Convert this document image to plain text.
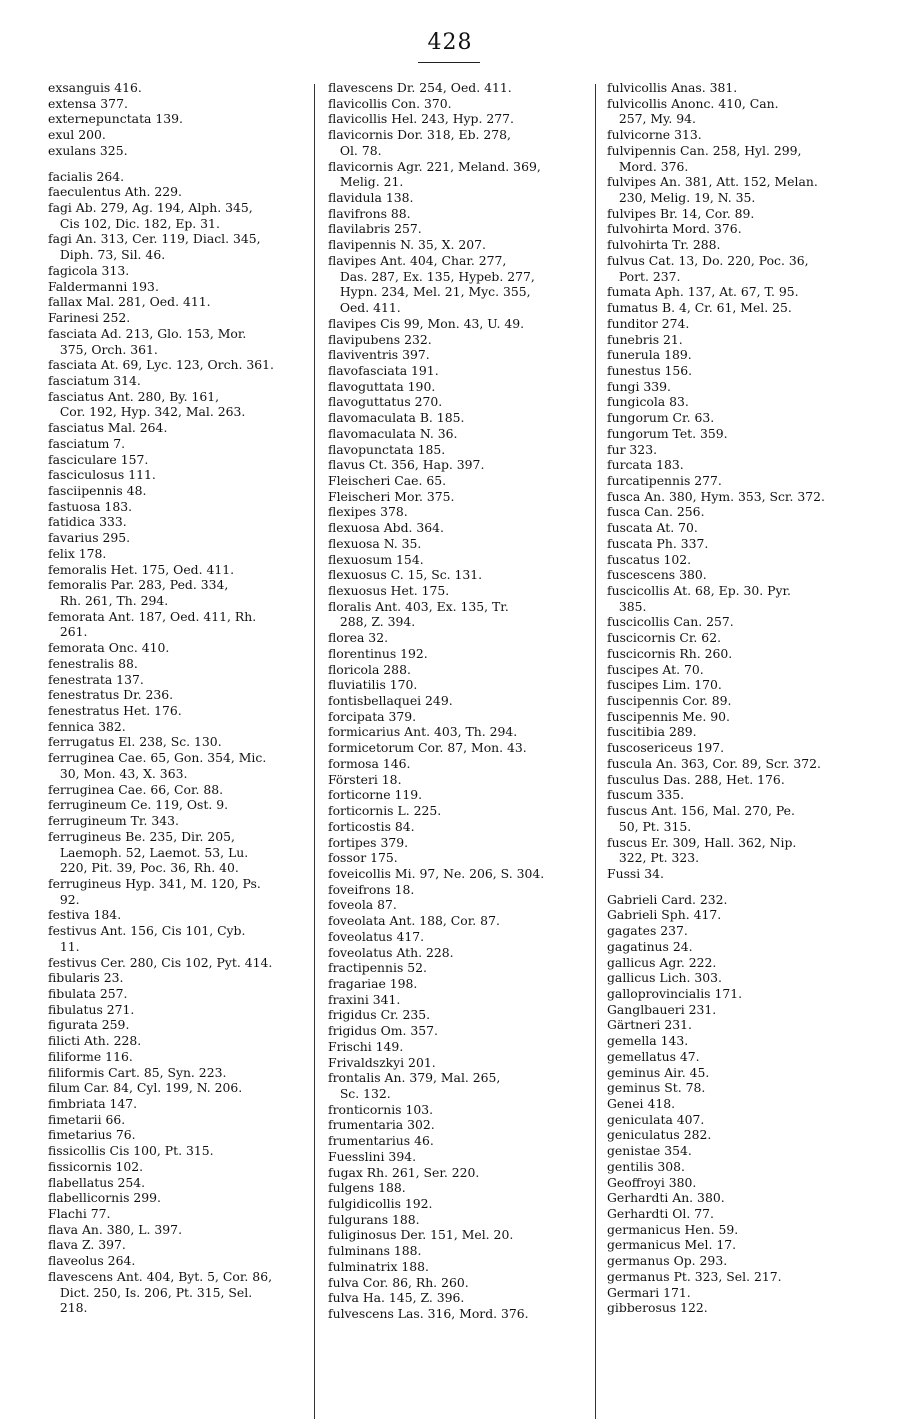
428
exsanguis 416.
extensa 377.
externepunctata 139.
exul 200.
exulans 325.
facialis 264.
faeculentus Ath. 229.
fagi Ab. 279, Ag. 194, Alph. 345,
Cis 102, Dic. 182, Ep. 31.
fagi An. 313, Cer. 119, Diacl. 345,
Diph. 73, Sil. 46.
fagicola 313.
Faldermanni 193.
fallax Mal. 281, Oed. 411.
Farinesi 252.
fasciata Ad. 213, Glo. 153, Mor.
375, Orch. 361.
fasciata At. 69, Lyc. 123, Orch. 361.
fasciatum 314.
fasciatus Ant. 280, By. 161,
Cor. 192, Hyp. 342, Mal. 263.
fasciatus Mal. 264.
fasciatum 7.
fasciculare 157.
fasciculosus 111.
fasciipennis 48.
fastuosa 183.
fatidica 333.
favarius 295.
felix 178.
femoralis Het. 175, Oed. 411.
femoralis Par. 283, Ped. 334,
Rh. 261, Th. 294.
femorata Ant. 187, Oed. 411, Rh.
261.
femorata Onc. 410.
fenestralis 88.
fenestrata 137.
fenestratus Dr. 236.
fenestratus Het. 176.
fennica 382.
ferrugatus El. 238, Sc. 130.
ferruginea Cae. 65, Gon. 354, Mic.
30, Mon. 43, X. 363.
ferruginea Cae. 66, Cor. 88.
ferrugineum Ce. 119, Ost. 9.
ferrugineum Tr. 343.
ferrugineus Be. 235, Dir. 205,
Laemoph. 52, Laemot. 53, Lu.
220, Pit. 39, Poc. 36, Rh. 40.
ferrugineus Hyp. 341, M. 120, Ps.
92.
festiva 184.
festivus Ant. 156, Cis 101, Cyb.
11.
festivus Cer. 280, Cis 102, Pyt. 414.
fibularis 23.
fibulata 257.
fibulatus 271.
figurata 259.
filicti Ath. 228.
filiforme 116.
filiformis Cart. 85, Syn. 223.
filum Car. 84, Cyl. 199, N. 206.
fimbriata 147.
fimetarii 66.
fimetarius 76.
fissicollis Cis 100, Pt. 315.
fissicornis 102.
flabellatus 254.
flabellicornis 299.
Flachi 77.
flava An. 380, L. 397.
flava Z. 397.
flaveolus 264.
flavescens Ant. 404, Byt. 5, Cor. 86,
Dict. 250, Is. 206, Pt. 315, Sel.
218.
flavescens Dr. 254, Oed. 411.
flavicollis Con. 370.
flavicollis Hel. 243, Hyp. 277.
flavicornis Dor. 318, Eb. 278,
Ol. 78.
flavicornis Agr. 221, Meland. 369,
Melig. 21.
flavidula 138.
flavifrons 88.
flavilabris 257.
flavipennis N. 35, X. 207.
flavipes Ant. 404, Char. 277,
Das. 287, Ex. 135, Hypeb. 277,
Hypn. 234, Mel. 21, Myc. 355,
Oed. 411.
flavipes Cis 99, Mon. 43, U. 49.
flavipubens 232.
flaviventris 397.
flavofasciata 191.
flavoguttata 190.
flavoguttatus 270.
flavomaculata B. 185.
flavomaculata N. 36.
flavopunctata 185.
flavus Ct. 356, Hap. 397.
Fleischeri Cae. 65.
Fleischeri Mor. 375.
flexipes 378.
flexuosa Abd. 364.
flexuosa N. 35.
flexuosum 154.
flexuosus C. 15, Sc. 131.
flexuosus Het. 175.
floralis Ant. 403, Ex. 135, Tr.
288, Z. 394.
florea 32.
florentinus 192.
floricola 288.
fluviatilis 170.
fontisbellaquei 249.
forcipata 379.
formicarius Ant. 403, Th. 294.
formicetorum Cor. 87, Mon. 43.
formosa 146.
Försteri 18.
forticorne 119.
forticornis L. 225.
forticostis 84.
fortipes 379.
fossor 175.
foveicollis Mi. 97, Ne. 206, S. 304.
foveifrons 18.
foveola 87.
foveolata Ant. 188, Cor. 87.
foveolatus 417.
foveolatus Ath. 228.
fractipennis 52.
fragariae 198.
fraxini 341.
frigidus Cr. 235.
frigidus Om. 357.
Frischi 149.
Frivaldszkyi 201.
frontalis An. 379, Mal. 265,
Sc. 132.
fronticornis 103.
frumentaria 302.
frumentarius 46.
Fuesslini 394.
fugax Rh. 261, Ser. 220.
fulgens 188.
fulgidicollis 192.
fulgurans 188.
fuliginosus Der. 151, Mel. 20.
fulminans 188.
fulminatrix 188.
fulva Cor. 86, Rh. 260.
fulva Ha. 145, Z. 396.
fulvescens Las. 316, Mord. 376.
fulvicollis Anas. 381.
fulvicollis Anonc. 410, Can.
257, My. 94.
fulvicorne 313.
fulvipennis Can. 258, Hyl. 299,
Mord. 376.
fulvipes An. 381, Att. 152, Melan.
230, Melig. 19, N. 35.
fulvipes Br. 14, Cor. 89.
fulvohirta Mord. 376.
fulvohirta Tr. 288.
fulvus Cat. 13, Do. 220, Poc. 36,
Port. 237.
fumata Aph. 137, At. 67, T. 95.
fumatus B. 4, Cr. 61, Mel. 25.
funditor 274.
funebris 21.
funerula 189.
funestus 156.
fungi 339.
fungicola 83.
fungorum Cr. 63.
fungorum Tet. 359.
fur 323.
furcata 183.
furcatipennis 277.
fusca An. 380, Hym. 353, Scr. 372.
fusca Can. 256.
fuscata At. 70.
fuscata Ph. 337.
fuscatus 102.
fuscescens 380.
fuscicollis At. 68, Ep. 30. Pyr.
385.
fuscicollis Can. 257.
fuscicornis Cr. 62.
fuscicornis Rh. 260.
fuscipes At. 70.
fuscipes Lim. 170.
fuscipennis Cor. 89.
fuscipennis Me. 90.
fuscitibia 289.
fuscosericeus 197.
fuscula An. 363, Cor. 89, Scr. 372.
fusculus Das. 288, Het. 176.
fuscum 335.
fuscus Ant. 156, Mal. 270, Pe.
50, Pt. 315.
fuscus Er. 309, Hall. 362, Nip.
322, Pt. 323.
Fussi 34.
Gabrieli Card. 232.
Gabrieli Sph. 417.
gagates 237.
gagatinus 24.
gallicus Agr. 222.
gallicus Lich. 303.
galloprovincialis 171.
Ganglbaueri 231.
Gärtneri 231.
gemella 143.
gemellatus 47.
geminus Air. 45.
geminus St. 78.
Genei 418.
geniculata 407.
geniculatus 282.
genistae 354.
gentilis 308.
Geoffroyi 380.
Gerhardti An. 380.
Gerhardti Ol. 77.
germanicus Hen. 59.
germanicus Mel. 17.
germanus Op. 293.
germanus Pt. 323, Sel. 217.
Germari 171.
gibberosus 122.
